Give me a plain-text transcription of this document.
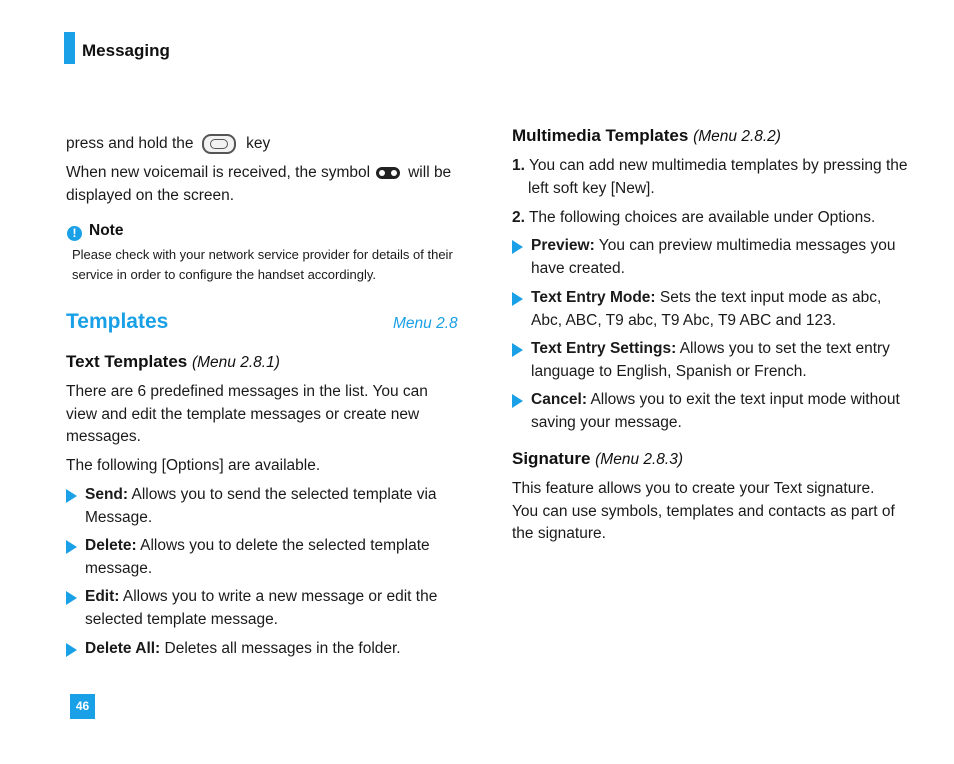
Messaging
press and hold the	key
When new voicemail is received, the symbol will be displayed on the screen.
! Note
Please check with your network service provider for details of their service in order to configure the handset accordingly.
Templates	Menu 2.8
Text Templates (Menu 2.8.1)
There are 6 predefined messages in the list. You can view and edit the template messages or create new messages.
The following [Options] are available.
Send: Allows you to send the selected template via Message.
Delete: Allows you to delete the selected template message.
Edit: Allows you to write a new message or edit the selected template message.
Delete All: Deletes all messages in the folder.
Multimedia Templates (Menu 2.8.2)
1. You can add new multimedia templates by pressing the left soft key [New].
2. The following choices are available under Options.
Preview: You can preview multimedia messages you have created.
Text Entry Mode: Sets the text input mode as abc, Abc, ABC, T9 abc, T9 Abc, T9 ABC and 123.
Text Entry Settings: Allows you to set the text entry language to English, Spanish or French.
Cancel: Allows you to exit the text input mode without saving your message.
Signature (Menu 2.8.3)
This feature allows you to create your Text signature. You can use symbols, templates and contacts as part of the signature.
46
